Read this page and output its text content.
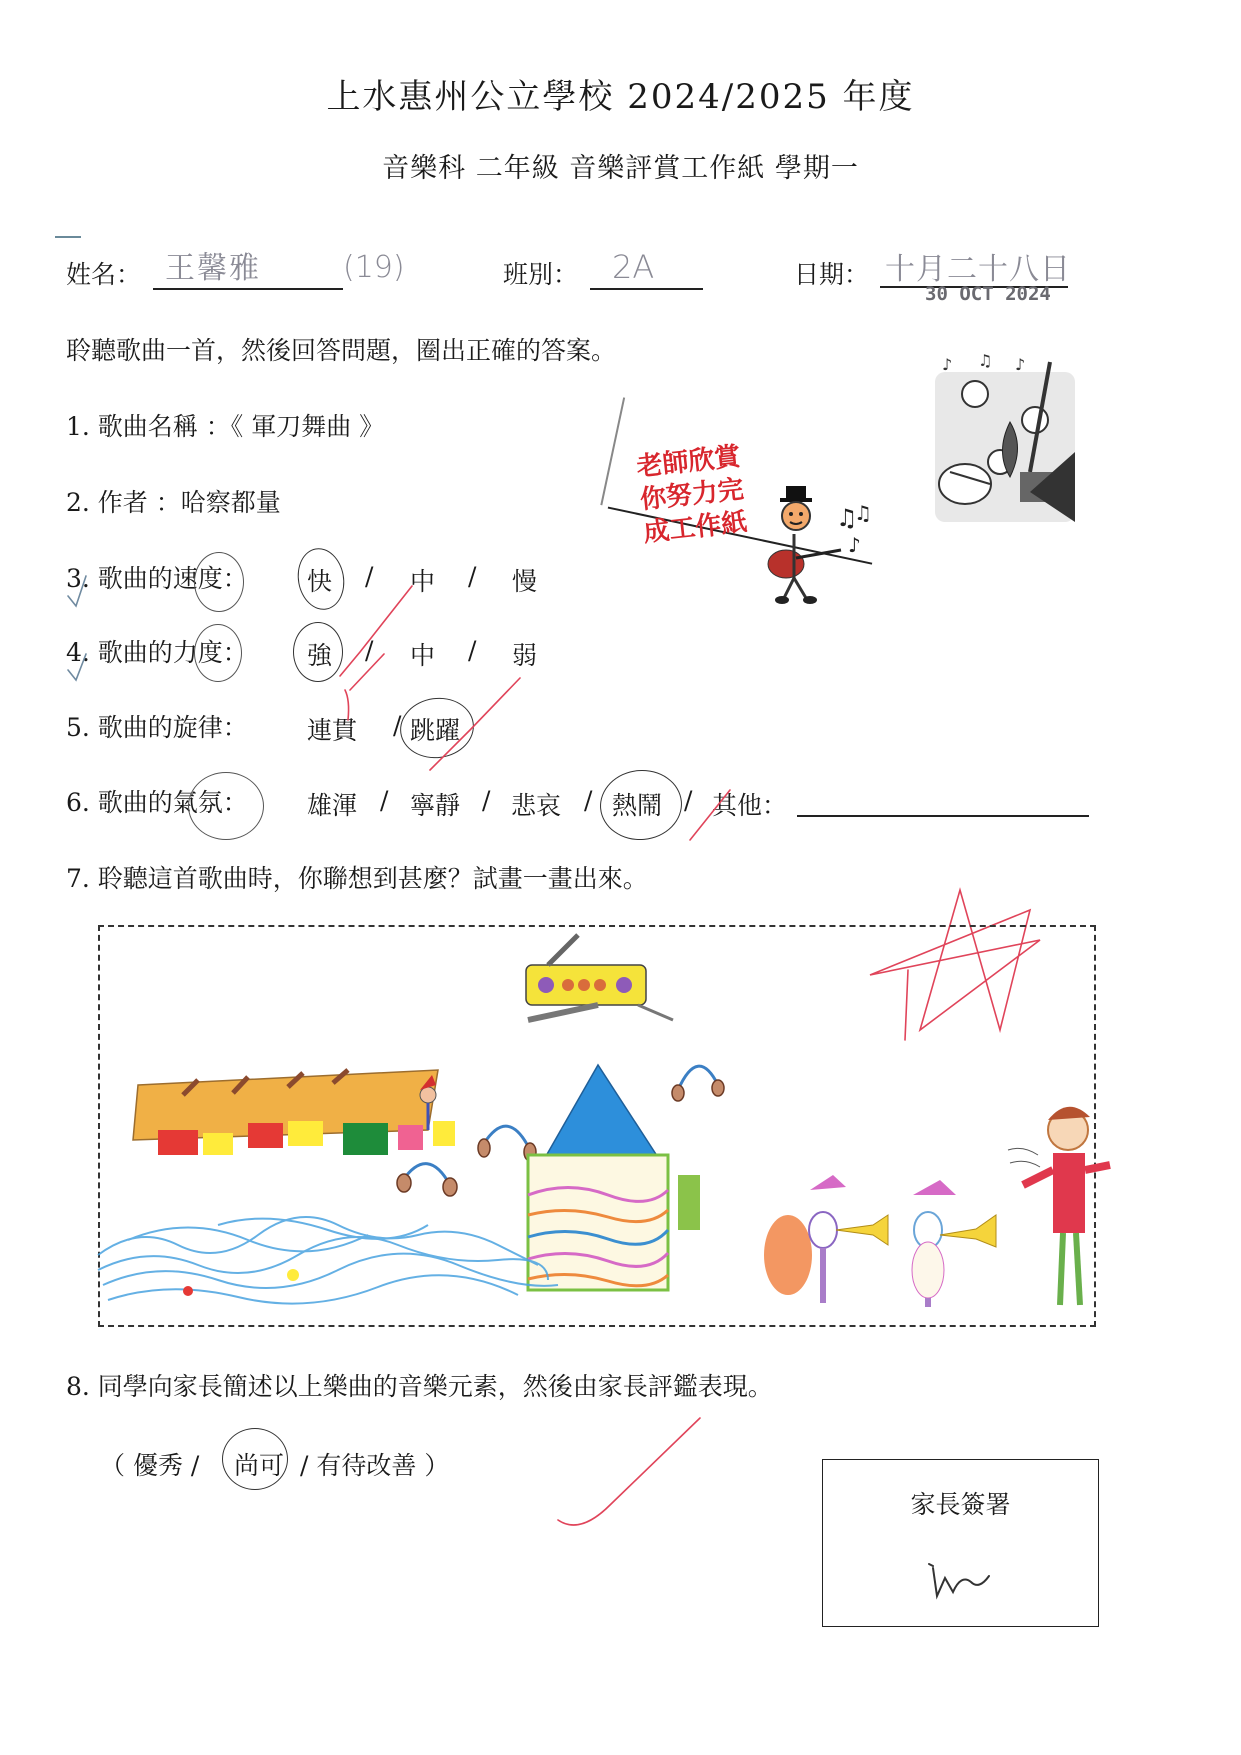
上水惠州公立學校 2024/2025 年度
音樂科 二年級 音樂評賞工作紙 學期一
姓名： 王馨雅	(19)	班別： 2A	日期： 十月二十八日
30 OCT 2024
聆聽歌曲一首，然後回答問題，圈出正確的答案。	♪ ♫ ♪
1. 歌曲名稱 ：《 軍刀舞曲 》
2. 作者 ：哈察都量
老師欣賞
你努力完
成工作紙	♫
♫
♪
3. 歌曲的速度： 快 / 中 / 慢
4. 歌曲的力度： 強 / 中 / 弱
5. 歌曲的旋律： 連貫 / 跳躍
6. 歌曲的氣氛： 雄渾 / 寧靜 / 悲哀 / 熱鬧 / 其他：
7. 聆聽這首歌曲時，你聯想到甚麼？試畫一畫出來。
8. 同學向家長簡述以上樂曲的音樂元素，然後由家長評鑑表現。
（ 優秀 / 尚可 / 有待改善 ）
家長簽署
